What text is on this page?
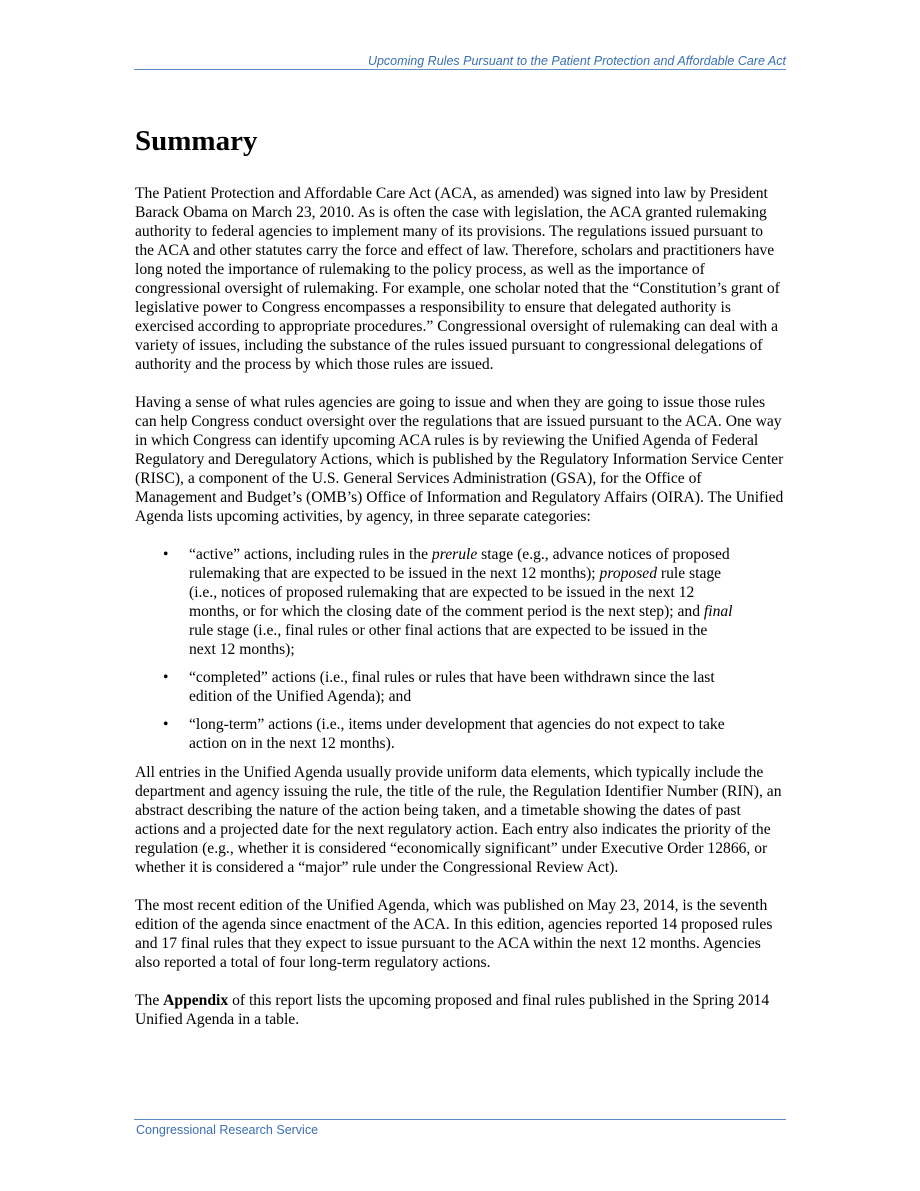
Upcoming Rules Pursuant to the Patient Protection and Affordable Care Act
Summary

The Patient Protection and Affordable Care Act (ACA, as amended) was signed into law by President Barack Obama on March 23, 2010. As is often the case with legislation, the ACA granted rulemaking authority to federal agencies to implement many of its provisions. The regulations issued pursuant to the ACA and other statutes carry the force and effect of law. Therefore, scholars and practitioners have long noted the importance of rulemaking to the policy process, as well as the importance of congressional oversight of rulemaking. For example, one scholar noted that the “Constitution’s grant of legislative power to Congress encompasses a responsibility to ensure that delegated authority is exercised according to appropriate procedures.” Congressional oversight of rulemaking can deal with a variety of issues, including the substance of the rules issued pursuant to congressional delegations of authority and the process by which those rules are issued.

Having a sense of what rules agencies are going to issue and when they are going to issue those rules can help Congress conduct oversight over the regulations that are issued pursuant to the ACA. One way in which Congress can identify upcoming ACA rules is by reviewing the Unified Agenda of Federal Regulatory and Deregulatory Actions, which is published by the Regulatory Information Service Center (RISC), a component of the U.S. General Services Administration (GSA), for the Office of Management and Budget’s (OMB’s) Office of Information and Regulatory Affairs (OIRA). The Unified Agenda lists upcoming activities, by agency, in three separate categories:

• “active” actions, including rules in the prerule stage (e.g., advance notices of proposed rulemaking that are expected to be issued in the next 12 months); proposed rule stage (i.e., notices of proposed rulemaking that are expected to be issued in the next 12 months, or for which the closing date of the comment period is the next step); and final rule stage (i.e., final rules or other final actions that are expected to be issued in the next 12 months);
• “completed” actions (i.e., final rules or rules that have been withdrawn since the last edition of the Unified Agenda); and
• “long-term” actions (i.e., items under development that agencies do not expect to take action on in the next 12 months).

All entries in the Unified Agenda usually provide uniform data elements, which typically include the department and agency issuing the rule, the title of the rule, the Regulation Identifier Number (RIN), an abstract describing the nature of the action being taken, and a timetable showing the dates of past actions and a projected date for the next regulatory action. Each entry also indicates the priority of the regulation (e.g., whether it is considered “economically significant” under Executive Order 12866, or whether it is considered a “major” rule under the Congressional Review Act).

The most recent edition of the Unified Agenda, which was published on May 23, 2014, is the seventh edition of the agenda since enactment of the ACA. In this edition, agencies reported 14 proposed rules and 17 final rules that they expect to issue pursuant to the ACA within the next 12 months. Agencies also reported a total of four long-term regulatory actions.

The Appendix of this report lists the upcoming proposed and final rules published in the Spring 2014 Unified Agenda in a table.

Congressional Research Service
